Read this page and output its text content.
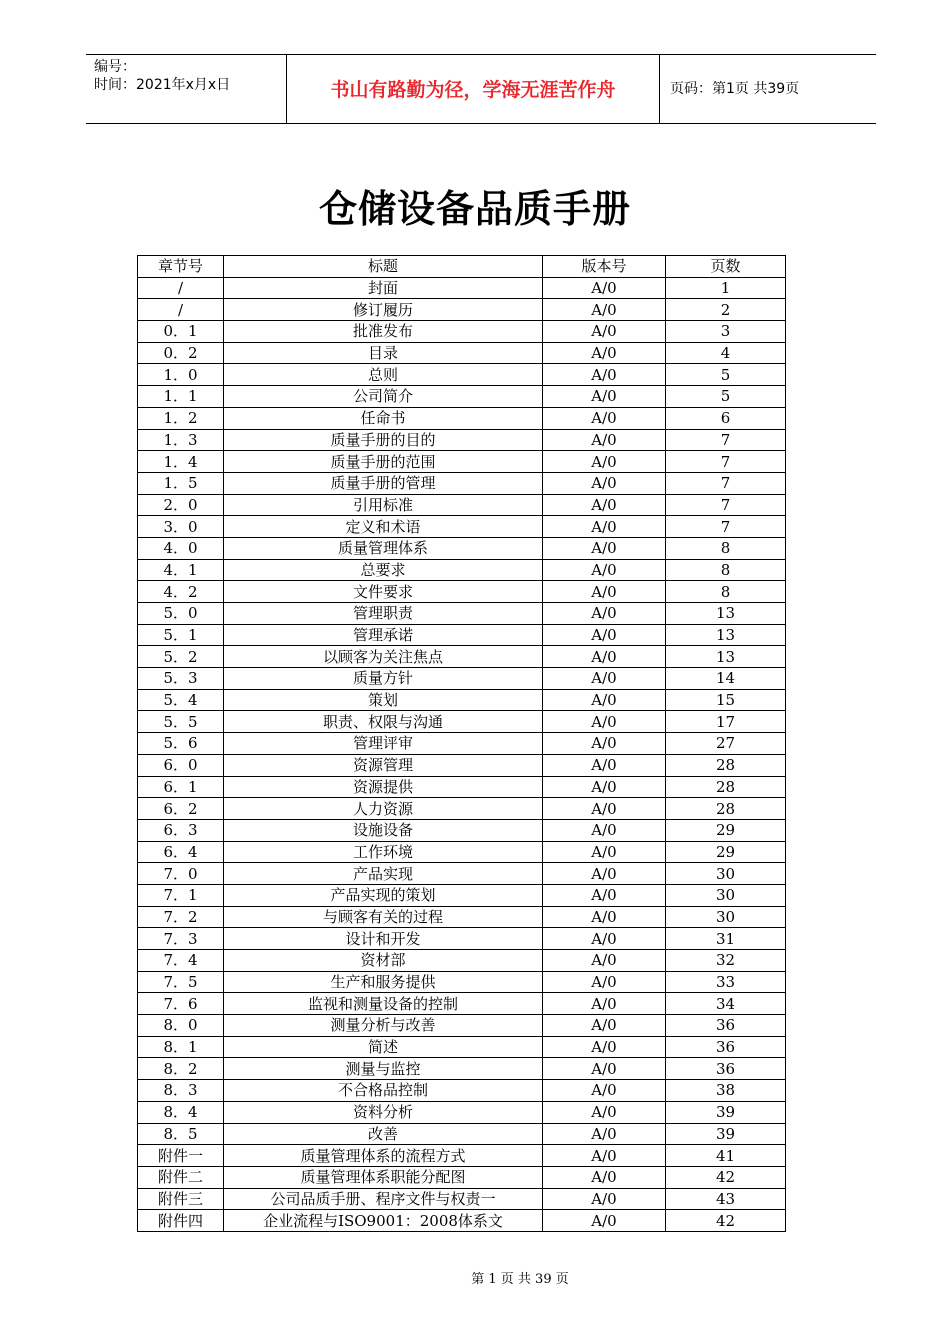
编号：
时间：2021年x月x日	书山有路勤为径，学海无涯苦作舟	页码：第1页 共39页
仓储设备品质手册
章节号	标题	版本号	页数
/	封面	A/0	1
/	修订履历	A/0	2
0．1	批准发布	A/0	3
0．2	目录	A/0	4
1．0	总则	A/0	5
1．1	公司简介	A/0	5
1．2	任命书	A/0	6
1．3	质量手册的目的	A/0	7
1．4	质量手册的范围	A/0	7
1．5	质量手册的管理	A/0	7
2．0	引用标准	A/0	7
3．0	定义和术语	A/0	7
4．0	质量管理体系	A/0	8
4．1	总要求	A/0	8
4．2	文件要求	A/0	8
5．0	管理职责	A/0	13
5．1	管理承诺	A/0	13
5．2	以顾客为关注焦点	A/0	13
5．3	质量方针	A/0	14
5．4	策划	A/0	15
5．5	职责、权限与沟通	A/0	17
5．6	管理评审	A/0	27
6．0	资源管理	A/0	28
6．1	资源提供	A/0	28
6．2	人力资源	A/0	28
6．3	设施设备	A/0	29
6．4	工作环境	A/0	29
7．0	产品实现	A/0	30
7．1	产品实现的策划	A/0	30
7．2	与顾客有关的过程	A/0	30
7．3	设计和开发	A/0	31
7．4	资材部	A/0	32
7．5	生产和服务提供	A/0	33
7．6	监视和测量设备的控制	A/0	34
8．0	测量分析与改善	A/0	36
8．1	简述	A/0	36
8．2	测量与监控	A/0	36
8．3	不合格品控制	A/0	38
8．4	资料分析	A/0	39
8．5	改善	A/0	39
附件一	质量管理体系的流程方式	A/0	41
附件二	质量管理体系职能分配图	A/0	42
附件三	公司品质手册、程序文件与权责一	A/0	43
附件四	企业流程与ISO9001：2008体系文	A/0	42
第 1 页 共 39 页
